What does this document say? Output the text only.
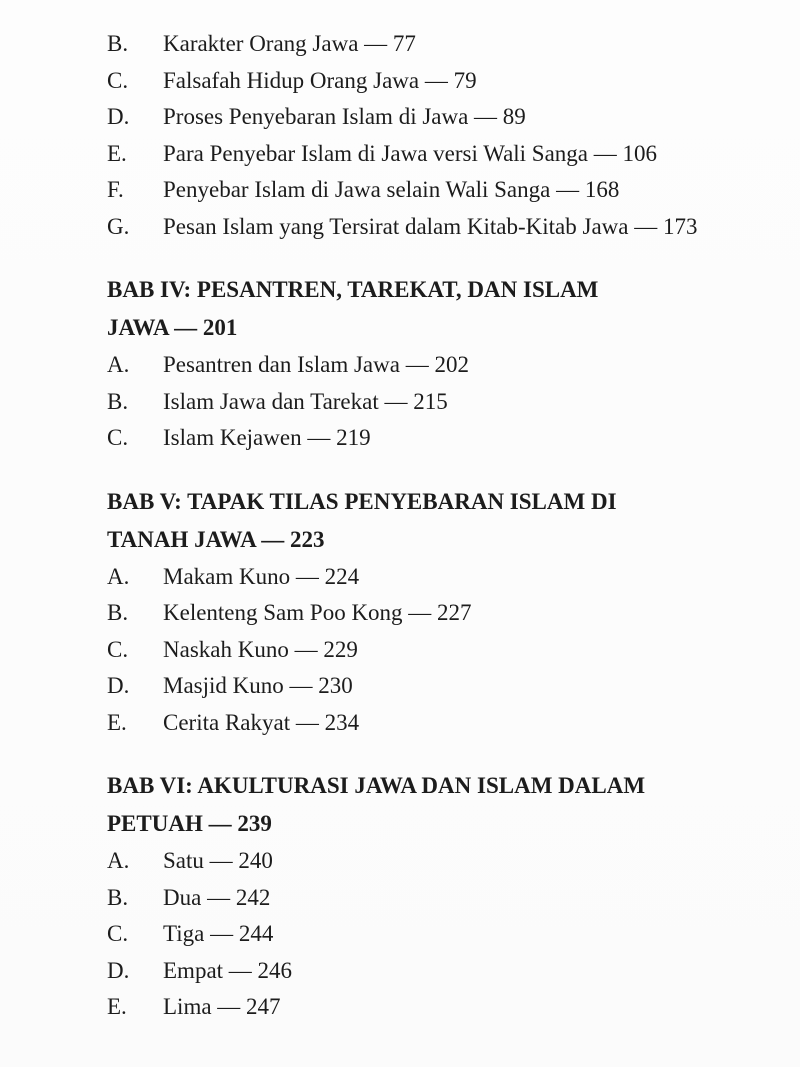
B.	Karakter Orang Jawa — 77
C.	Falsafah Hidup Orang Jawa — 79
D.	Proses Penyebaran Islam di Jawa — 89
E.	Para Penyebar Islam di Jawa versi Wali Sanga — 106
F.	Penyebar Islam di Jawa selain Wali Sanga — 168
G.	Pesan Islam yang Tersirat dalam Kitab-Kitab Jawa — 173
BAB IV: PESANTREN, TAREKAT, DAN ISLAM
JAWA — 201
A.	Pesantren dan Islam Jawa — 202
B.	Islam Jawa dan Tarekat — 215
C.	Islam Kejawen — 219
BAB V: TAPAK TILAS PENYEBARAN ISLAM DI
TANAH JAWA — 223
A.	Makam Kuno — 224
B.	Kelenteng Sam Poo Kong — 227
C.	Naskah Kuno — 229
D.	Masjid Kuno — 230
E.	Cerita Rakyat — 234
BAB VI: AKULTURASI JAWA DAN ISLAM DALAM
PETUAH — 239
A.	Satu — 240
B.	Dua — 242
C.	Tiga — 244
D.	Empat — 246
E.	Lima — 247
